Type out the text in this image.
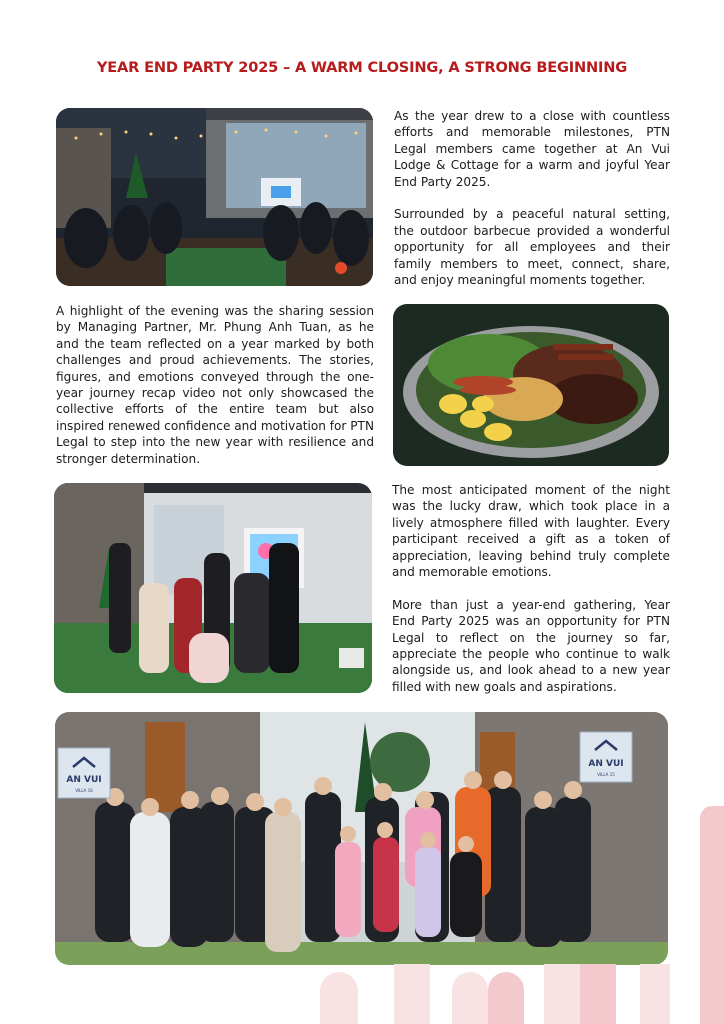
YEAR END PARTY 2025 – A WARM CLOSING, A STRONG BEGINNING

As the year drew to a close with countless efforts and memorable milestones, PTN Legal members came together at An Vui Lodge & Cottage for a warm and joyful Year End Party 2025.

Surrounded by a peaceful natural setting, the outdoor barbecue provided a wonderful opportunity for all employees and their family members to meet, connect, share, and enjoy meaningful moments together.

A highlight of the evening was the sharing session by Managing Partner, Mr. Phung Anh Tuan, as he and the team reflected on a year marked by both challenges and proud achievements. The stories, figures, and emotions conveyed through the one-year journey recap video not only showcased the collective efforts of the entire team but also inspired renewed confidence and motivation for PTN Legal to step into the new year with resilience and stronger determination.

The most anticipated moment of the night was the lucky draw, which took place in a lively atmosphere filled with laughter. Every participant received a gift as a token of appreciation, leaving behind truly complete and memorable emotions.

More than just a year-end gathering, Year End Party 2025 was an opportunity for PTN Legal to reflect on the journey so far, appreciate the people who continue to walk alongside us, and look ahead to a new year filled with new goals and aspirations.

AN VUI
VILLA 16
AN VUI
VILLA 15
